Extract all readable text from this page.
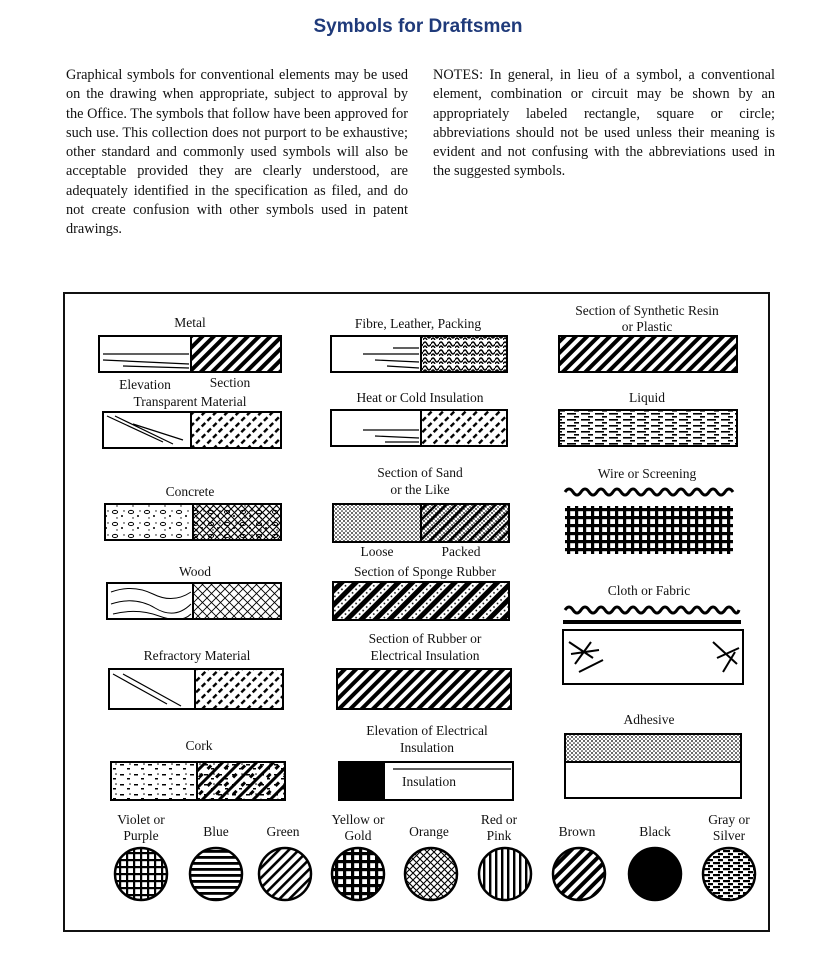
Symbols for Draftsmen

Graphical symbols for conventional elements may be used on the drawing when appropriate, subject to approval by the Office. The symbols that follow have been approved for such use. This collection does not purport to be exhaustive; other standard and commonly used symbols will also be acceptable provided they are clearly understood, are adequately identified in the specification as filed, and do not create confusion with other symbols used in patent drawings.

NOTES: In general, in lieu of a symbol, a conventional element, combination or circuit may be shown by an appropriately labeled rectangle, square or circle; abbreviations should not be used unless their meaning is evident and not confusing with the abbreviations used in the suggested symbols.

Metal
Elevation	Section
Transparent Material
Concrete
Wood
Refractory Material
Cork
Fibre, Leather, Packing
Heat or Cold Insulation
Section of Sand
or the Like
Loose	Packed
Section of Sponge Rubber
Section of Rubber or
Electrical Insulation
Elevation of Electrical
Insulation
Insulation
Section of Synthetic Resin
or Plastic
Liquid
Wire or Screening
Cloth or Fabric
Adhesive
Violet or
Purple	Blue	Green
Yellow or
Gold	Orange
Red or
Pink	Brown	Black
Gray or
Silver
